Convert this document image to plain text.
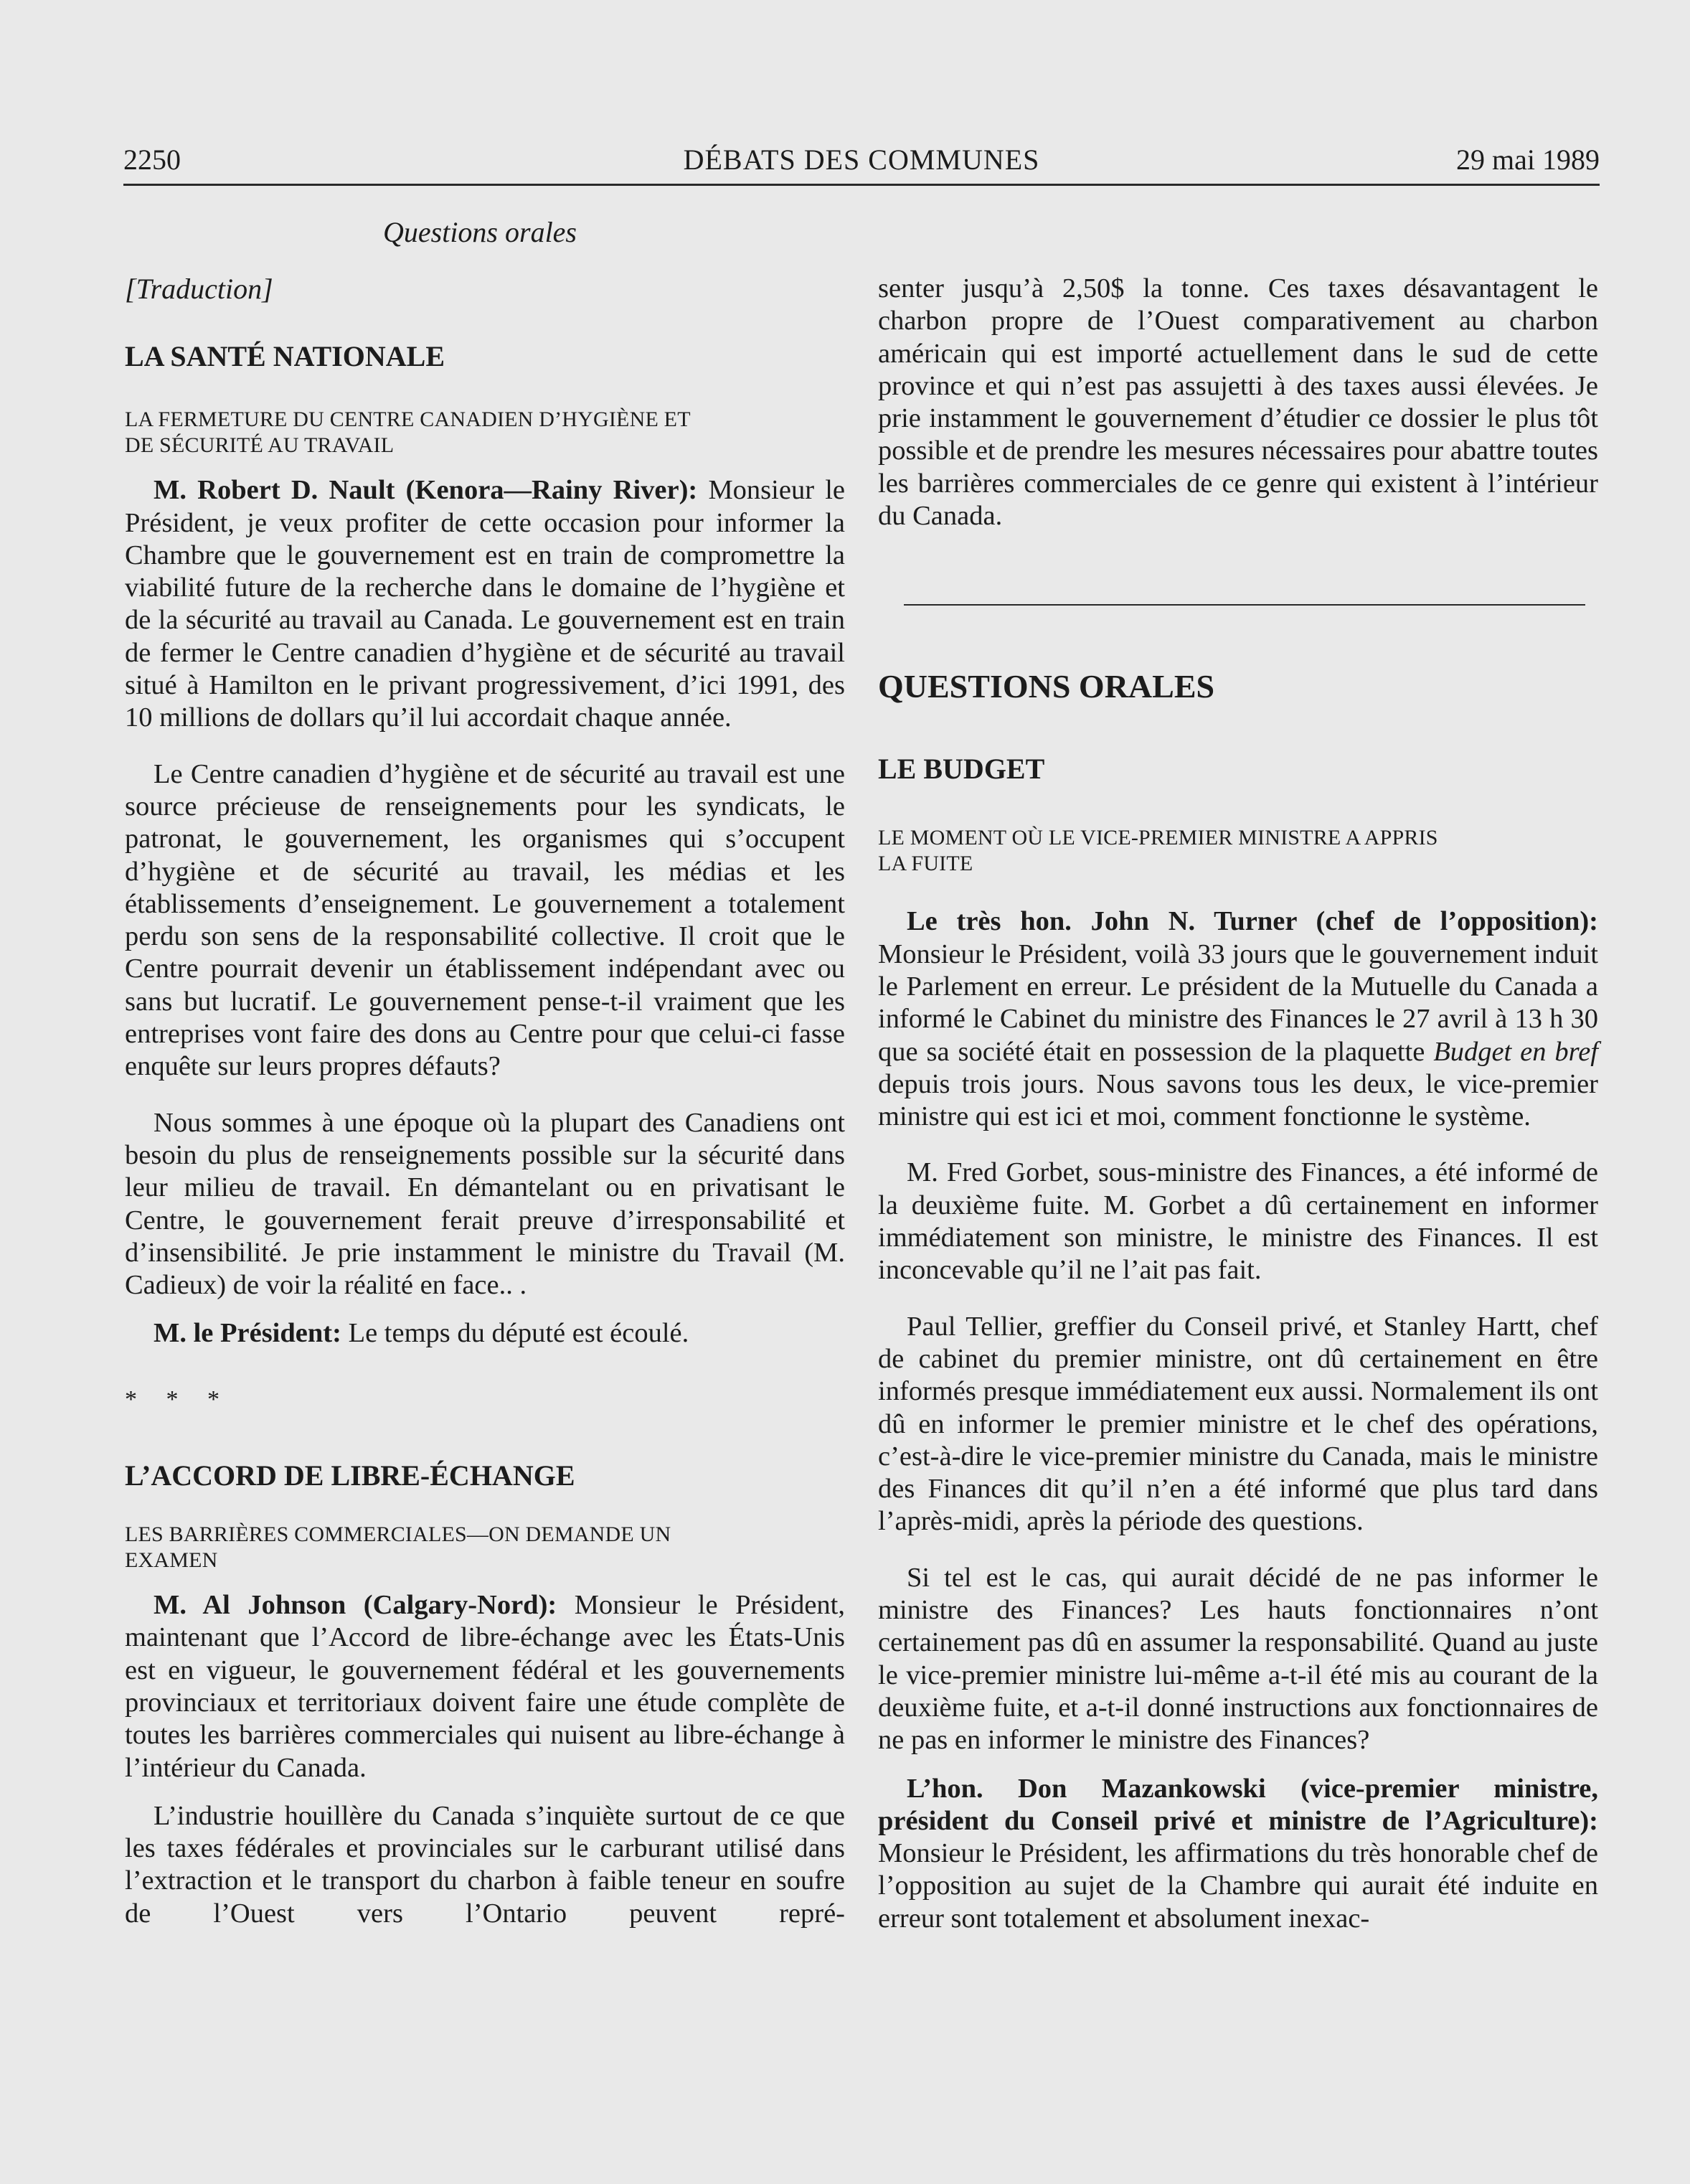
2250	DÉBATS DES COMMUNES	29 mai 1989
Questions orales

[Traduction]

LA SANTÉ NATIONALE

LA FERMETURE DU CENTRE CANADIEN D’HYGIÈNE ET

DE SÉCURITÉ AU TRAVAIL

M. Robert D. Nault (Kenora—Rainy River): Monsieur le Président, je veux profiter de cette occasion pour informer la Chambre que le gouvernement est en train de compromettre la viabilité future de la recherche dans le domaine de l’hygiène et de la sécurité au travail au Canada. Le gouvernement est en train de fermer le Centre canadien d’hygiène et de sécurité au travail situé à Hamilton en le privant progressivement, d’ici 1991, des 10 millions de dollars qu’il lui accordait chaque année.

Le Centre canadien d’hygiène et de sécurité au travail est une source précieuse de renseignements pour les syndicats, le patronat, le gouvernement, les organismes qui s’occupent d’hygiène et de sécurité au travail, les médias et les établissements d’enseignement. Le gouvernement a totalement perdu son sens de la responsabilité collective. Il croit que le Centre pourrait devenir un établissement indépendant avec ou sans but lucratif. Le gouvernement pense-t-il vraiment que les entreprises vont faire des dons au Centre pour que celui-ci fasse enquête sur leurs propres défauts?

Nous sommes à une époque où la plupart des Canadiens ont besoin du plus de renseignements possible sur la sécurité dans leur milieu de travail. En démantelant ou en privatisant le Centre, le gouvernement ferait preuve d’irresponsabilité et d’insensibilité. Je prie instamment le ministre du Travail (M. Cadieux) de voir la réalité en face.. .

M. le Président: Le temps du député est écoulé.

* * *

L’ACCORD DE LIBRE-ÉCHANGE

LES BARRIÈRES COMMERCIALES—ON DEMANDE UN

EXAMEN

M. Al Johnson (Calgary-Nord): Monsieur le Président, maintenant que l’Accord de libre-échange avec les États-Unis est en vigueur, le gouvernement fédéral et les gouvernements provinciaux et territoriaux doivent faire une étude complète de toutes les barrières commerciales qui nuisent au libre-échange à l’intérieur du Canada.

L’industrie houillère du Canada s’inquiète surtout de ce que les taxes fédérales et provinciales sur le carburant utilisé dans l’extraction et le transport du charbon à faible teneur en soufre de l’Ouest vers l’Ontario peuvent repré-

senter jusqu’à 2,50$ la tonne. Ces taxes désavantagent le charbon propre de l’Ouest comparativement au charbon américain qui est importé actuellement dans le sud de cette province et qui n’est pas assujetti à des taxes aussi élevées. Je prie instamment le gouvernement d’étudier ce dossier le plus tôt possible et de prendre les mesures nécessaires pour abattre toutes les barrières commerciales de ce genre qui existent à l’intérieur du Canada.

QUESTIONS ORALES

LE BUDGET

LE MOMENT OÙ LE VICE-PREMIER MINISTRE A APPRIS

LA FUITE

Le très hon. John N. Turner (chef de l’opposition): Monsieur le Président, voilà 33 jours que le gouvernement induit le Parlement en erreur. Le président de la Mutuelle du Canada a informé le Cabinet du ministre des Finances le 27 avril à 13 h 30 que sa société était en possession de la plaquette Budget en bref depuis trois jours. Nous savons tous les deux, le vice-premier ministre qui est ici et moi, comment fonctionne le système.

M. Fred Gorbet, sous-ministre des Finances, a été informé de la deuxième fuite. M. Gorbet a dû certainement en informer immédiatement son ministre, le ministre des Finances. Il est inconcevable qu’il ne l’ait pas fait.

Paul Tellier, greffier du Conseil privé, et Stanley Hartt, chef de cabinet du premier ministre, ont dû certainement en être informés presque immédiatement eux aussi. Normalement ils ont dû en informer le premier ministre et le chef des opérations, c’est-à-dire le vice-premier ministre du Canada, mais le ministre des Finances dit qu’il n’en a été informé que plus tard dans l’après-midi, après la période des questions.

Si tel est le cas, qui aurait décidé de ne pas informer le ministre des Finances? Les hauts fonctionnaires n’ont certainement pas dû en assumer la responsabilité. Quand au juste le vice-premier ministre lui-même a-t-il été mis au courant de la deuxième fuite, et a-t-il donné instructions aux fonctionnaires de ne pas en informer le ministre des Finances?

L’hon. Don Mazankowski (vice-premier ministre, président du Conseil privé et ministre de l’Agriculture): Monsieur le Président, les affirmations du très honorable chef de l’opposition au sujet de la Chambre qui aurait été induite en erreur sont totalement et absolument inexac-
